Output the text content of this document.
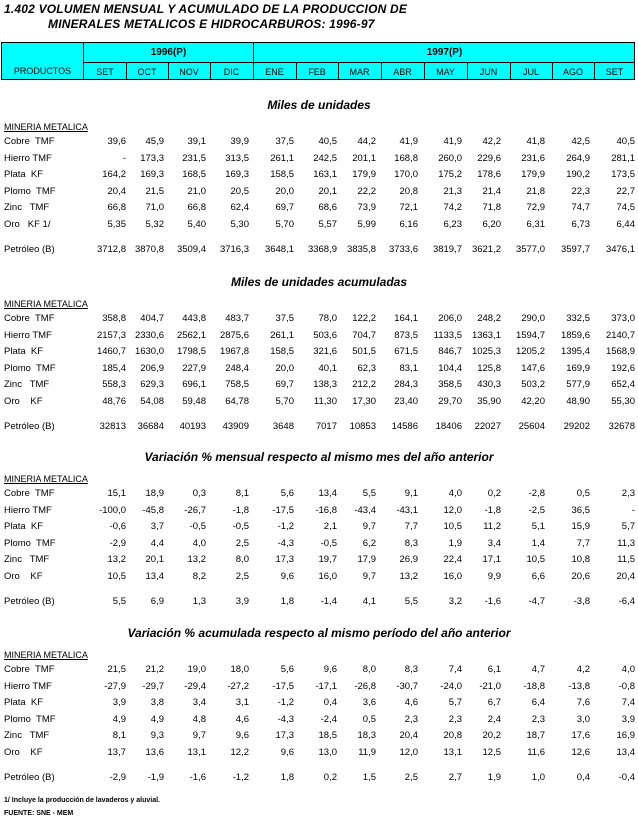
1.402 VOLUMEN MENSUAL Y ACUMULADO DE LA PRODUCCION DE
MINERALES METALICOS E HIDROCARBUROS: 1996-97
1996(P)	1997(P)
PRODUCTOS	SET	OCT	NOV	DIC	ENE	FEB	MAR	ABR	MAY	JUN	JUL	AGO	SET
Miles de unidades
MINERIA METALICA
Cobre  TMF	39,6 45,9 39,1	39,9	37,5	40,5 44,2 41,9	41,9 42,2	41,8	42,5	40,5
Hierro TMF	- 173,3 231,5 313,5 261,1 242,5 201,1 168,8 260,0 229,6 231,6 264,9 281,1
Plata  KF	164,2 169,3 168,5 169,3 158,5 163,1 179,9 170,0 175,2 178,6 179,9 190,2 173,5
Plomo  TMF	20,4 21,5 21,0	20,5	20,0	20,1 22,2 20,8	21,3 21,4	21,8	22,3	22,7
Zinc   TMF	66,8 71,0 66,8	62,4	69,7	68,6 73,9 72,1	74,2 71,8	72,9	74,7	74,5
Oro   KF 1/	5,35 5,32 5,40	5,30	5,70	5,57 5,99 6,16	6,23 6,20	6,31	6,73	6,44
Petróleo (B)	3712,8 3870,8 3509,4 3716,3 3648,1 3368,9 3835,8 3733,6 3819,7 3621,2 3577,0 3597,7 3476,1
Miles de unidades acumuladas
MINERIA METALICA
Cobre  TMF	358,8 404,7 443,8 483,7	37,5	78,0 122,2 164,1 206,0 248,2 290,0 332,5 373,0
Hierro TMF	2157,3 2330,6 2562,1 2875,6 261,1 503,6 704,7 873,5 1133,5 1363,1 1594,7 1859,6 2140,7
Plata  KF	1460,7 1630,0 1798,5 1967,8 158,5 321,6 501,5 671,5 846,7 1025,3 1205,2 1395,4 1568,9
Plomo  TMF	185,4 206,9 227,9 248,4	20,0	40,1 62,3 83,1 104,4 125,8 147,6 169,9 192,6
Zinc   TMF	558,3 629,3 696,1 758,5	69,7 138,3 212,2 284,3 358,5 430,3 503,2 577,9 652,4
Oro    KF	48,76 54,08 59,48 64,78	5,70 11,30 17,30 23,40 29,70 35,90 42,20 48,90 55,30
Petróleo (B)	32813 36684 40193 43909	3648 7017 10853 14586 18406 22027 25604 29202 32678
Variación % mensual respecto al mismo mes del año anterior
MINERIA METALICA
Cobre  TMF	15,1 18,9	0,3	8,1	5,6	13,4	5,5	9,1	4,0	0,2	-2,8	0,5	2,3
Hierro TMF	-100,0 -45,8 -26,7	-1,8 -17,5 -16,8 -43,4 -43,1	12,0 -1,8	-2,5	36,5	-
Plata  KF	-0,6	3,7	-0,5	-0,5	-1,2	2,1	9,7	7,7	10,5 11,2	5,1	15,9	5,7
Plomo  TMF	-2,9	4,4	4,0	2,5	-4,3	-0,5	6,2	8,3	1,9	3,4	1,4	7,7	11,3
Zinc   TMF	13,2 20,1 13,2	8,0	17,3	19,7 17,9 26,9	22,4 17,1	10,5	10,8	11,5
Oro    KF	10,5 13,4	8,2	2,5	9,6	16,0	9,7 13,2	16,0	9,9	6,6	20,6	20,4
Petróleo (B)	5,5	6,9	1,3	3,9	1,8	-1,4	4,1	5,5	3,2 -1,6	-4,7	-3,8	-6,4
Variación % acumulada respecto al mismo período del año anterior
MINERIA METALICA
Cobre  TMF	21,5 21,2 19,0	18,0	5,6	9,6	8,0	8,3	7,4	6,1	4,7	4,2	4,0
Hierro TMF	-27,9 -29,7 -29,4 -27,2 -17,5 -17,1 -26,8 -30,7 -24,0 -21,0 -18,8 -13,8	-0,8
Plata  KF	3,9	3,8	3,4	3,1	-1,2	0,4	3,6	4,6	5,7	6,7	6,4	7,6	7,4
Plomo  TMF	4,9	4,9	4,8	4,6	-4,3	-2,4	0,5	2,3	2,3	2,4	2,3	3,0	3,9
Zinc   TMF	8,1	9,3	9,7	9,6	17,3	18,5 18,3 20,4	20,8 20,2	18,7	17,6	16,9
Oro    KF	13,7 13,6 13,1	12,2	9,6	13,0 11,9 12,0	13,1 12,5	11,6	12,6	13,4
Petróleo (B)	-2,9 -1,9	-1,6	-1,2	1,8	0,2	1,5	2,5	2,7	1,9	1,0	0,4	-0,4
1/ Incluye la producción de lavaderos y aluvial.
FUENTE: SNE - MEM
